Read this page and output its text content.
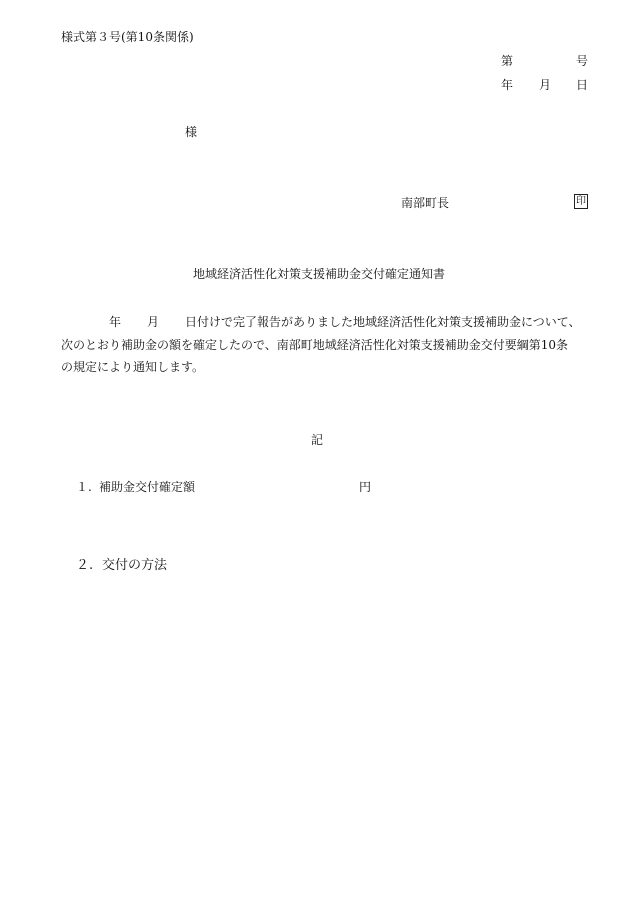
様式第３号(第10条関係)
第	号
年 月 日
様
南部町長	印
地域経済活性化対策支援補助金交付確定通知書
年 月 日付けで完了報告がありました地域経済活性化対策支援補助金について、
次のとおり補助金の額を確定したので、南部町地域経済活性化対策支援補助金交付要綱第10条
の規定により通知します。
記
１. 補助金交付確定額	円
２. 交付の方法
